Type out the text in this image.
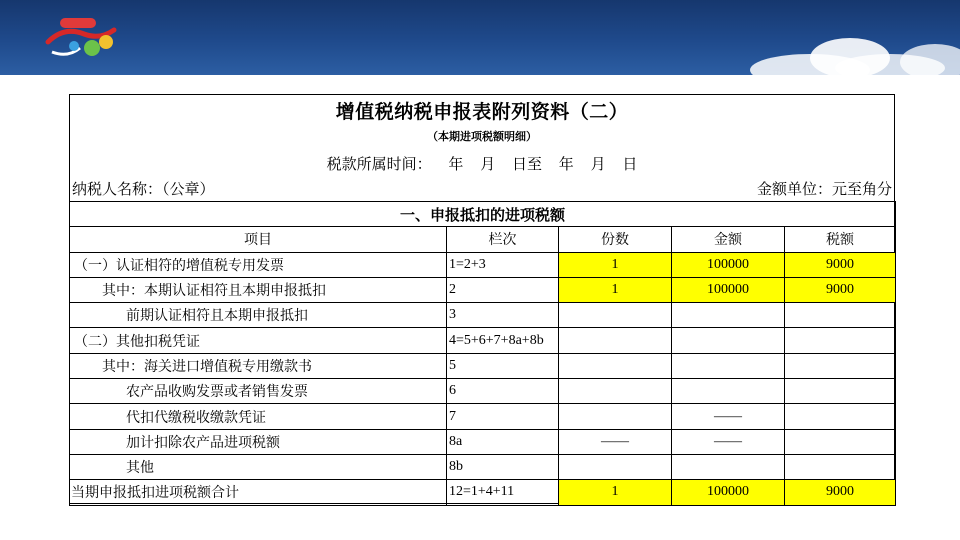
增值税纳税申报表附列资料（二）
（本期进项税额明细）
税款所属时间： 年 月 日至 年 月 日
纳税人名称：（公章）	金额单位：元至角分
一、申报抵扣的进项税额				
项目	栏次	份数	金额	税额
（一）认证相符的增值税专用发票	1=2+3	1	100000	9000
其中：本期认证相符且本期申报抵扣	2	1	100000	9000
前期认证相符且本期申报抵扣	3			
（二）其他扣税凭证	4=5+6+7+8a+8b			
其中：海关进口增值税专用缴款书	5			
农产品收购发票或者销售发票	6			
代扣代缴税收缴款凭证	7		——	
加计扣除农产品进项税额	8a	——	——	
其他	8b			
当期申报抵扣进项税额合计	12=1+4+11	1	100000	9000
